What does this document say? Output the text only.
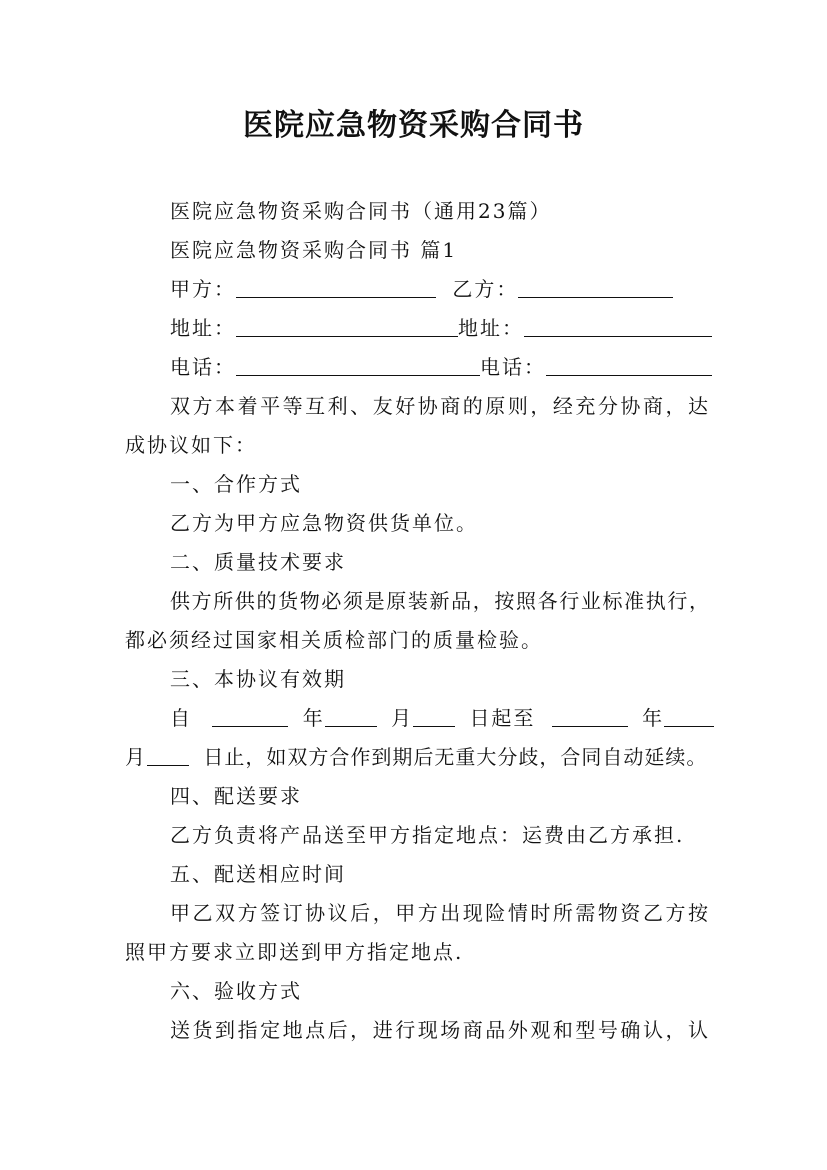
医院应急物资采购合同书
医院应急物资采购合同书（通用23篇）
医院应急物资采购合同书 篇1
甲方：	乙方：
地址：	地址：
电话：	电话：
双方本着平等互利、友好协商的原则，经充分协商，达
成协议如下：
一、合作方式
乙方为甲方应急物资供货单位。
二、质量技术要求
供方所供的货物必须是原装新品，按照各行业标准执行，
都必须经过国家相关质检部门的质量检验。
三、本协议有效期
自	年	月	日起至	年
月	日止，如双方合作到期后无重大分歧，合同自动延续。
四、配送要求
乙方负责将产品送至甲方指定地点：运费由乙方承担.
五、配送相应时间
甲乙双方签订协议后，甲方出现险情时所需物资乙方按
照甲方要求立即送到甲方指定地点.
六、验收方式
送货到指定地点后，进行现场商品外观和型号确认，认
